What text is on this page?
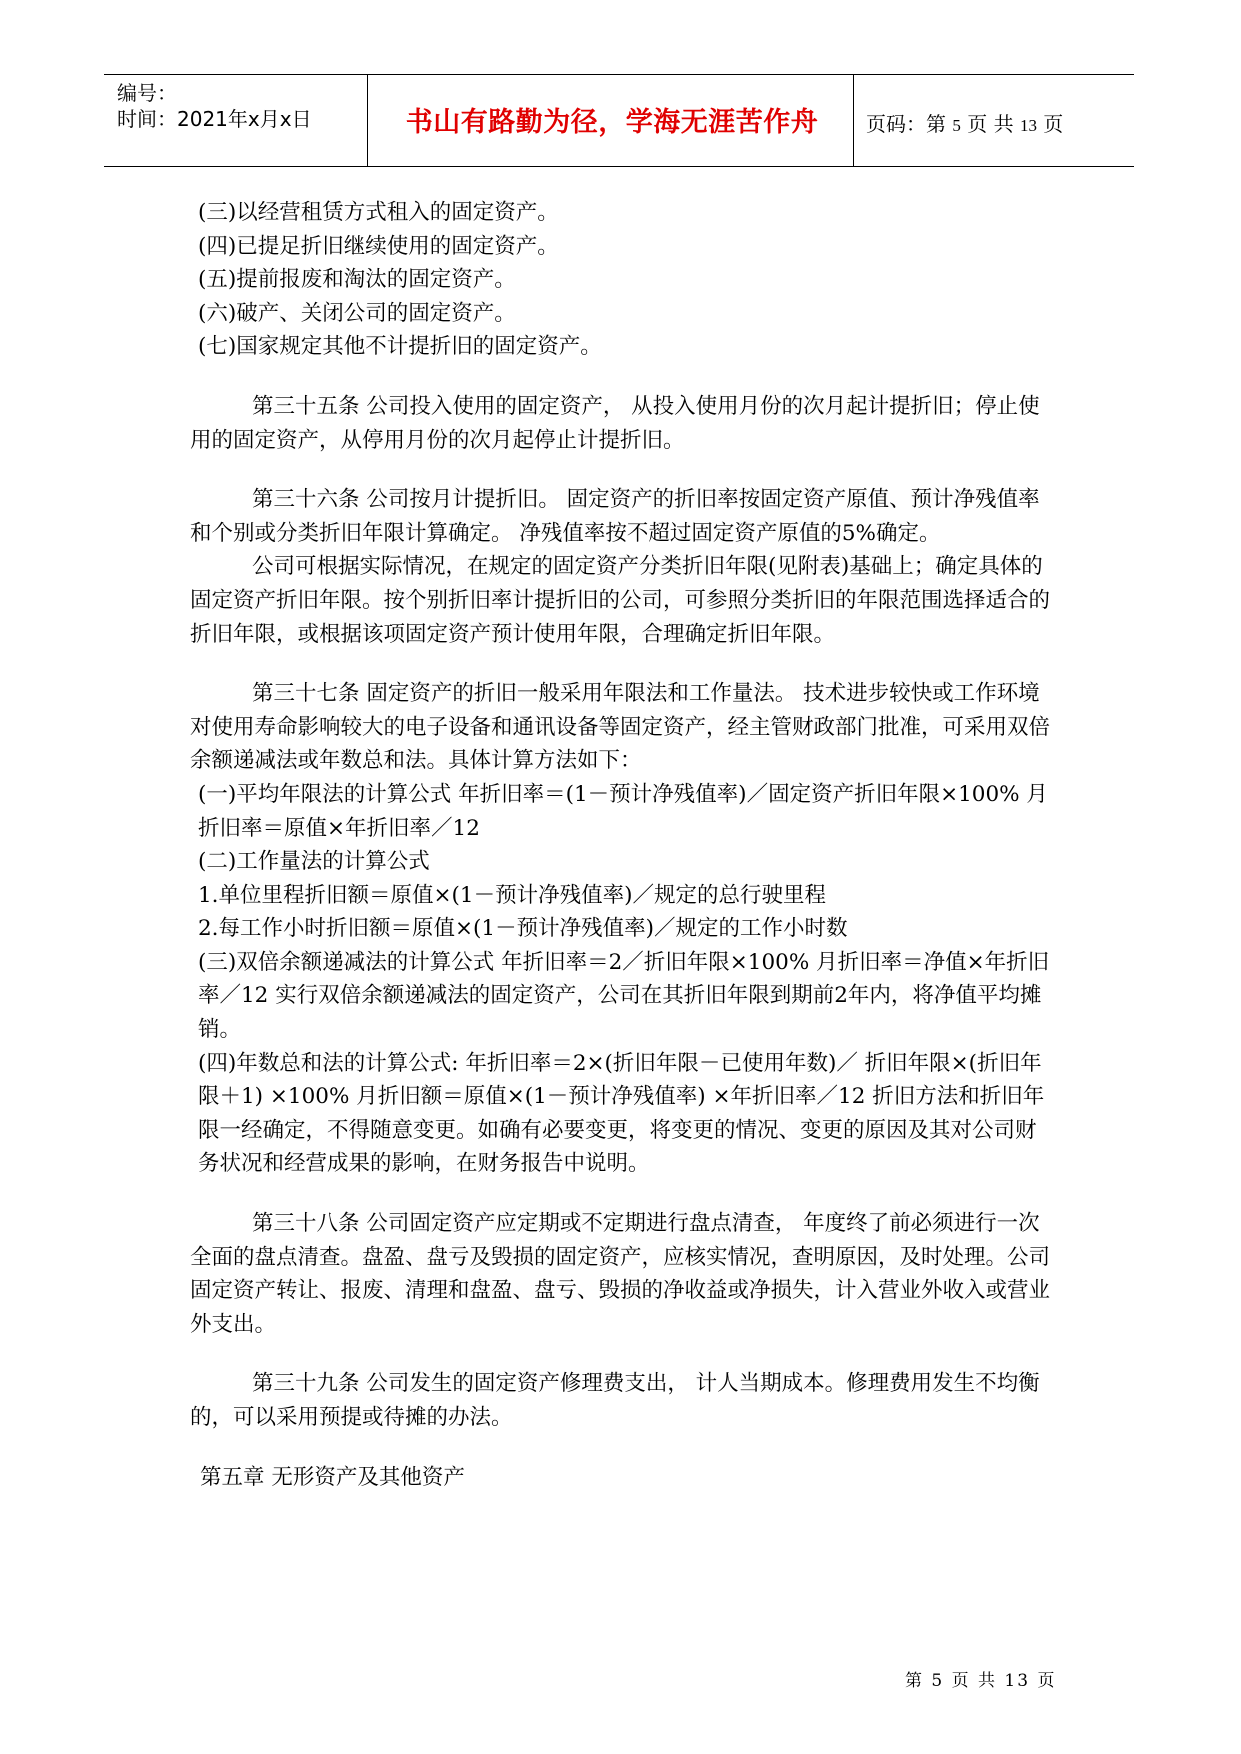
编号：
时间：2021年x月x日	书山有路勤为径，学海无涯苦作舟	页码：第 5 页 共 13 页

(三)以经营租赁方式租入的固定资产。

(四)已提足折旧继续使用的固定资产。

(五)提前报废和淘汰的固定资产。

(六)破产、关闭公司的固定资产。

(七)国家规定其他不计提折旧的固定资产。

第三十五条 公司投入使用的固定资产， 从投入使用月份的次月起计提折旧；停止使用的固定资产，从停用月份的次月起停止计提折旧。

第三十六条 公司按月计提折旧。 固定资产的折旧率按固定资产原值、预计净残值率和个别或分类折旧年限计算确定。 净残值率按不超过固定资产原值的5%确定。

公司可根据实际情况，在规定的固定资产分类折旧年限(见附表)基础上；确定具体的固定资产折旧年限。按个别折旧率计提折旧的公司，可参照分类折旧的年限范围选择适合的折旧年限，或根据该项固定资产预计使用年限，合理确定折旧年限。

第三十七条 固定资产的折旧一般采用年限法和工作量法。 技术进步较快或工作环境对使用寿命影响较大的电子设备和通讯设备等固定资产，经主管财政部门批准，可采用双倍余额递减法或年数总和法。具体计算方法如下：

(一)平均年限法的计算公式 年折旧率＝(1－预计净残值率)／固定资产折旧年限×100% 月折旧率＝原值×年折旧率／12

(二)工作量法的计算公式

1.单位里程折旧额＝原值×(1－预计净残值率)／规定的总行驶里程

2.每工作小时折旧额＝原值×(1－预计净残值率)／规定的工作小时数

(三)双倍余额递减法的计算公式 年折旧率＝2／折旧年限×100% 月折旧率＝净值×年折旧率／12 实行双倍余额递减法的固定资产，公司在其折旧年限到期前2年内，将净值平均摊销。

(四)年数总和法的计算公式: 年折旧率＝2×(折旧年限－已使用年数)／ 折旧年限×(折旧年限＋1) ×100% 月折旧额＝原值×(1－预计净残值率) ×年折旧率／12 折旧方法和折旧年限一经确定，不得随意变更。如确有必要变更，将变更的情况、变更的原因及其对公司财务状况和经营成果的影响，在财务报告中说明。

第三十八条 公司固定资产应定期或不定期进行盘点清查， 年度终了前必须进行一次全面的盘点清查。盘盈、盘亏及毁损的固定资产，应核实情况，查明原因，及时处理。公司固定资产转让、报废、清理和盘盈、盘亏、毁损的净收益或净损失，计入营业外收入或营业外支出。

第三十九条 公司发生的固定资产修理费支出， 计人当期成本。修理费用发生不均衡的，可以采用预提或待摊的办法。

第五章 无形资产及其他资产

第 5 页 共 13 页
